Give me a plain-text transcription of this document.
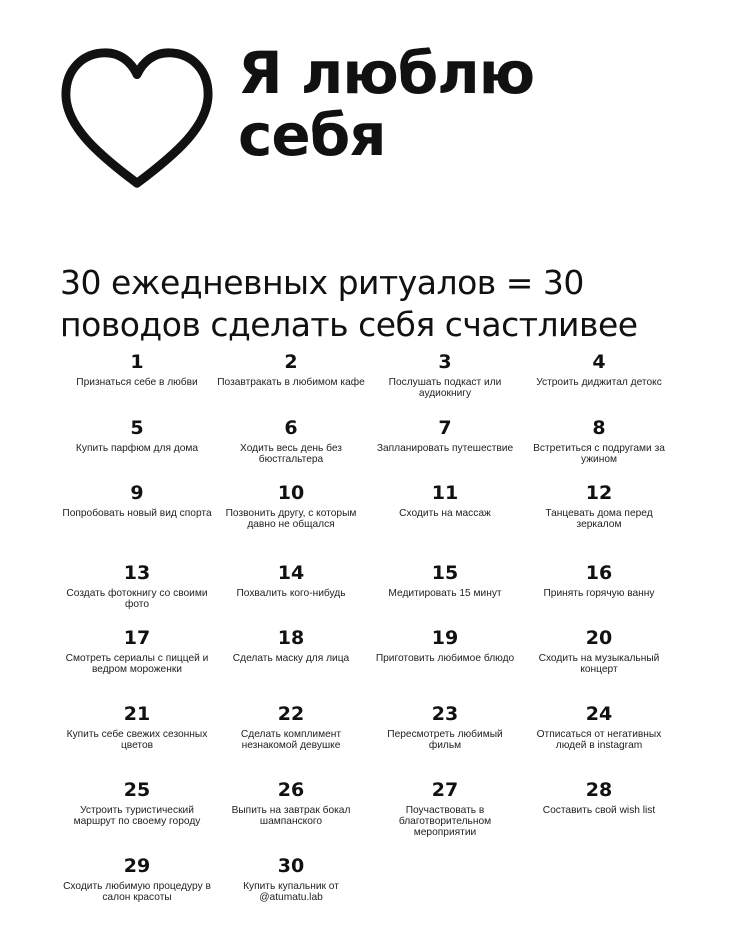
Я люблю
себя
30 ежедневных ритуалов = 30
поводов сделать себя счастливее
1
Признаться себе в любви
2
Позавтракать в любимом кафе
3
Послушать подкаст или аудиокнигу
4
Устроить диджитал детокс
5
Купить парфюм для дома
6
Ходить весь день без бюстгальтера
7
Запланировать путешествие
8
Встретиться с подругами за ужином
9
Попробовать новый вид спорта
10
Позвонить другу, с которым давно не общался
11
Сходить на массаж
12
Танцевать дома перед зеркалом
13
Создать фотокнигу со своими фото
14
Похвалить кого-нибудь
15
Медитировать 15 минут
16
Принять горячую ванну
17
Смотреть сериалы с пиццей и ведром мороженки
18
Сделать маску для лица
19
Приготовить любимое блюдо
20
Сходить на музыкальный концерт
21
Купить себе свежих сезонных цветов
22
Сделать комплимент незнакомой девушке
23
Пересмотреть любимый фильм
24
Отписаться от негативных людей в instagram
25
Устроить туристический маршрут по своему городу
26
Выпить на завтрак бокал шампанского
27
Поучаствовать в благотворительном мероприятии
28
Составить свой wish list
29
Сходить любимую процедуру в салон красоты
30
Купить купальник от @atumatu.lab
